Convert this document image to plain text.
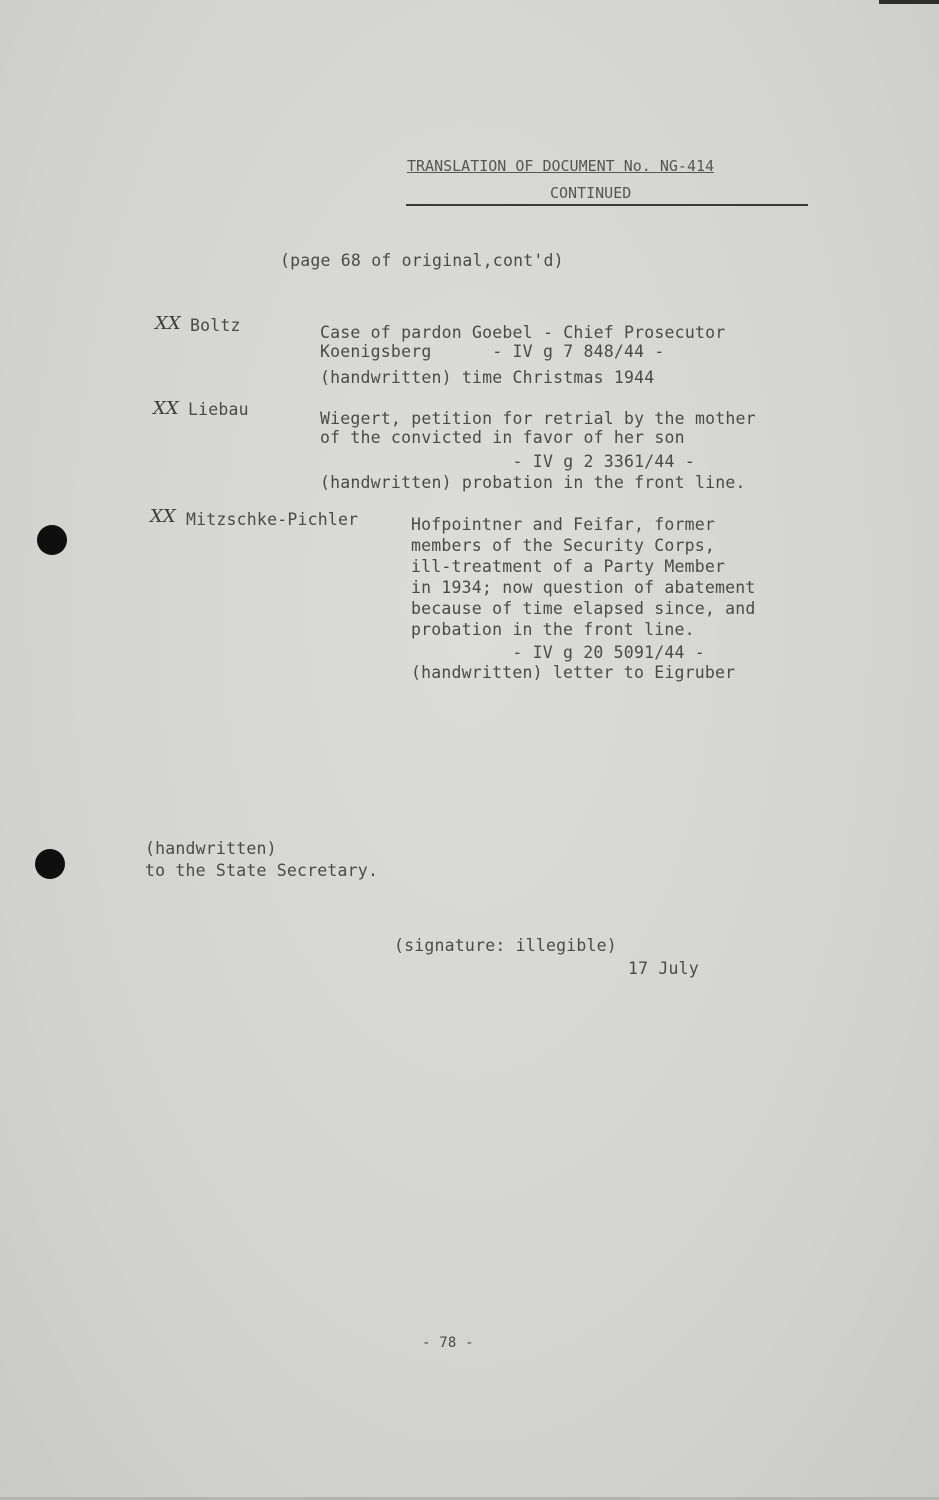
TRANSLATION OF DOCUMENT No. NG-414
CONTINUED
(page 68 of original,cont'd)
XX Boltz	Case of pardon Goebel - Chief Prosecutor
Koenigsberg      - IV g 7 848/44 -
(handwritten) time Christmas 1944
XX Liebau	Wiegert, petition for retrial by the mother
of the convicted in favor of her son
- IV g 2 3361/44 -
(handwritten) probation in the front line.
XX Mitzschke-Pichler	Hofpointner and Feifar, former
members of the Security Corps,
ill-treatment of a Party Member
in 1934; now question of abatement
because of time elapsed since, and
probation in the front line.
- IV g 20 5091/44 -
(handwritten) letter to Eigruber
(handwritten)
to the State Secretary.
(signature: illegible)
17 July
- 78 -
